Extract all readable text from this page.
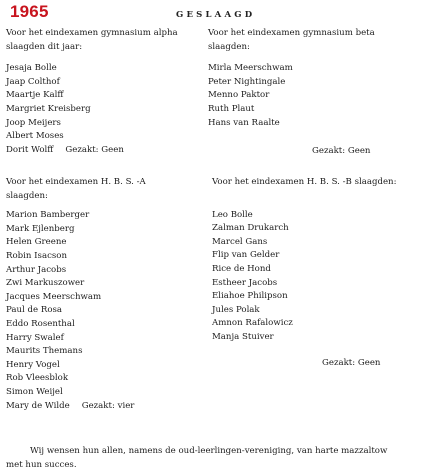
1965	GESLAAGD
Voor het eindexamen gymnasium alpha
slaagden dit jaar:
Jesaja Bolle
Jaap Colthof
Maartje Kalff
Margriet Kreisberg
Joop Meijers
Albert Moses
Dorit Wolff Gezakt: Geen
Voor het eindexamen gymnasium beta
slaagden:
Mirla Meerschwam
Peter Nightingale
Menno Paktor
Ruth Plaut
Hans van Raalte
Gezakt: Geen
Voor het eindexamen H. B. S. -A
slaagden:
Marion Bamberger
Mark Ejlenberg
Helen Greene
Robin Isacson
Arthur Jacobs
Zwi Markuszower
Jacques Meerschwam
Paul de Rosa
Eddo Rosenthal
Harry Swalef
Maurits Themans
Henry Vogel
Rob Vleesblok
Simon Weijel
Mary de Wilde Gezakt: vier
Voor het eindexamen H. B. S. -B slaagden:
Leo Bolle
Zalman Drukarch
Marcel Gans
Flip van Gelder
Rice de Hond
Estheer Jacobs
Eliahoe Philipson
Jules Polak
Amnon Rafalowicz
Manja Stuiver
Gezakt: Geen
Wij wensen hun allen, namens de oud-leerlingen-vereniging, van harte mazzaltow
met hun succes.
